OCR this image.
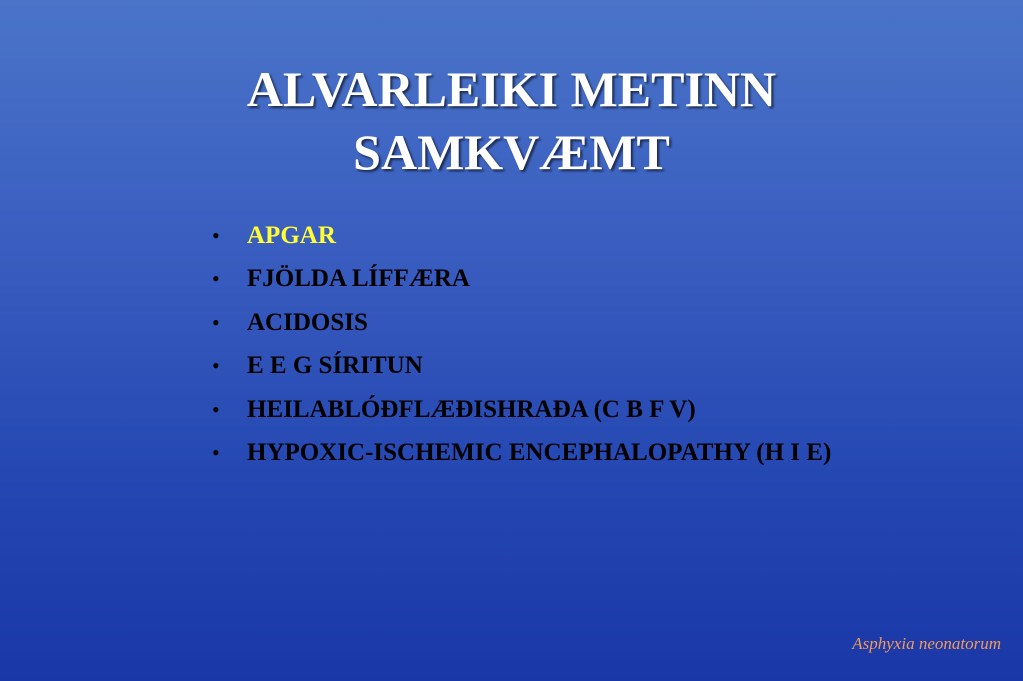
ALVARLEIKI METINN
SAMKVÆMT
•	APGAR
•	FJÖLDA LÍFFÆRA
•	ACIDOSIS
•	E E G SÍRITUN
•	HEILABLÓÐFLÆÐISHRAÐA (C B F V)
•	HYPOXIC-ISCHEMIC ENCEPHALOPATHY (H I E)
Asphyxia neonatorum
